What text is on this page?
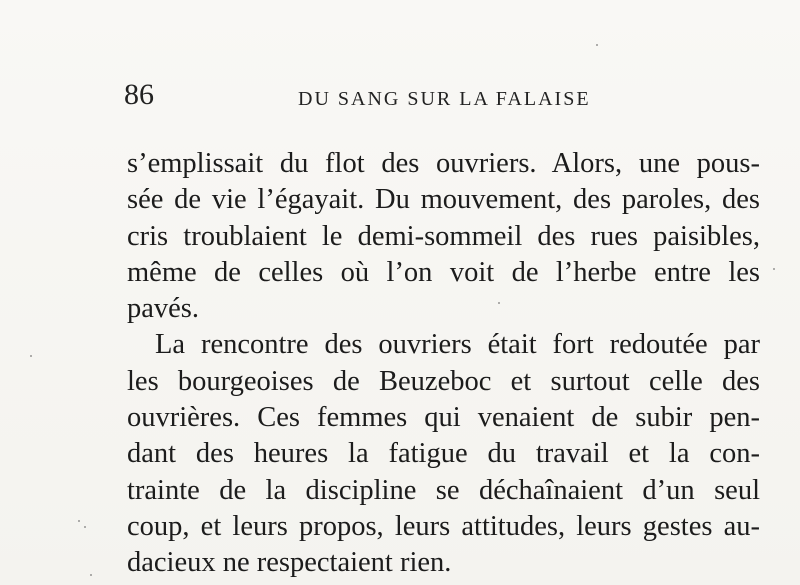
86	DU SANG SUR LA FALAISE
s’emplissait du flot des ouvriers. Alors, une pous-
sée de vie l’égayait. Du mouvement, des paroles, des
cris troublaient le demi-sommeil des rues paisibles,
même de celles où l’on voit de l’herbe entre les
pavés.
La rencontre des ouvriers était fort redoutée par
les bourgeoises de Beuzeboc et surtout celle des
ouvrières. Ces femmes qui venaient de subir pen-
dant des heures la fatigue du travail et la con-
trainte de la discipline se déchaînaient d’un seul
coup, et leurs propos, leurs attitudes, leurs gestes au-
dacieux ne respectaient rien.
